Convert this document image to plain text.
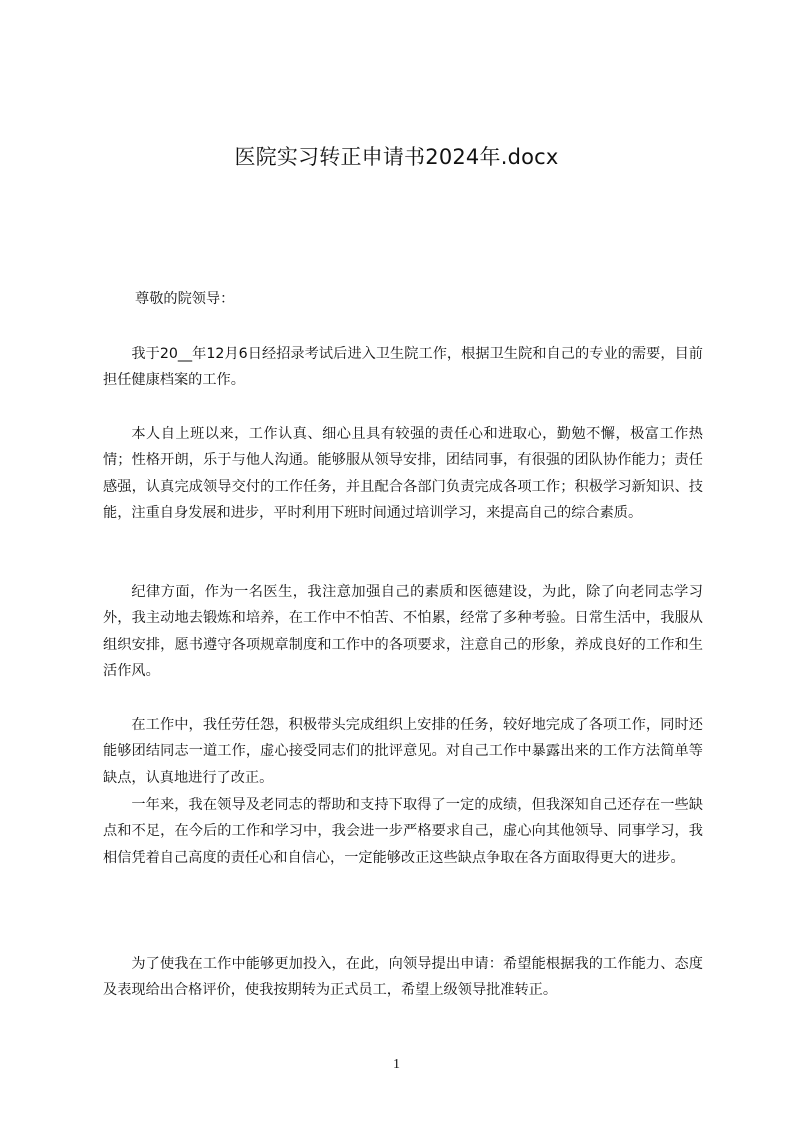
医院实习转正申请书2024年.docx
尊敬的院领导：

我于20__年12月6日经招录考试后进入卫生院工作，根据卫生院和自己的专业的需要，目前担任健康档案的工作。

本人自上班以来，工作认真、细心且具有较强的责任心和进取心，勤勉不懈，极富工作热情；性格开朗，乐于与他人沟通。能够服从领导安排，团结同事，有很强的团队协作能力；责任感强，认真完成领导交付的工作任务，并且配合各部门负责完成各项工作；积极学习新知识、技能，注重自身发展和进步，平时利用下班时间通过培训学习，来提高自己的综合素质。

纪律方面，作为一名医生，我注意加强自己的素质和医德建设，为此，除了向老同志学习外，我主动地去锻炼和培养，在工作中不怕苦、不怕累，经常了多种考验。日常生活中，我服从组织安排，愿书遵守各项规章制度和工作中的各项要求，注意自己的形象，养成良好的工作和生活作风。

在工作中，我任劳任怨，积极带头完成组织上安排的任务，较好地完成了各项工作，同时还能够团结同志一道工作，虚心接受同志们的批评意见。对自己工作中暴露出来的工作方法简单等缺点，认真地进行了改正。

一年来，我在领导及老同志的帮助和支持下取得了一定的成绩，但我深知自己还存在一些缺点和不足，在今后的工作和学习中，我会进一步严格要求自己，虚心向其他领导、同事学习，我相信凭着自己高度的责任心和自信心，一定能够改正这些缺点争取在各方面取得更大的进步。

为了使我在工作中能够更加投入，在此，向领导提出申请：希望能根据我的工作能力、态度及表现给出合格评价，使我按期转为正式员工，希望上级领导批准转正。

1
